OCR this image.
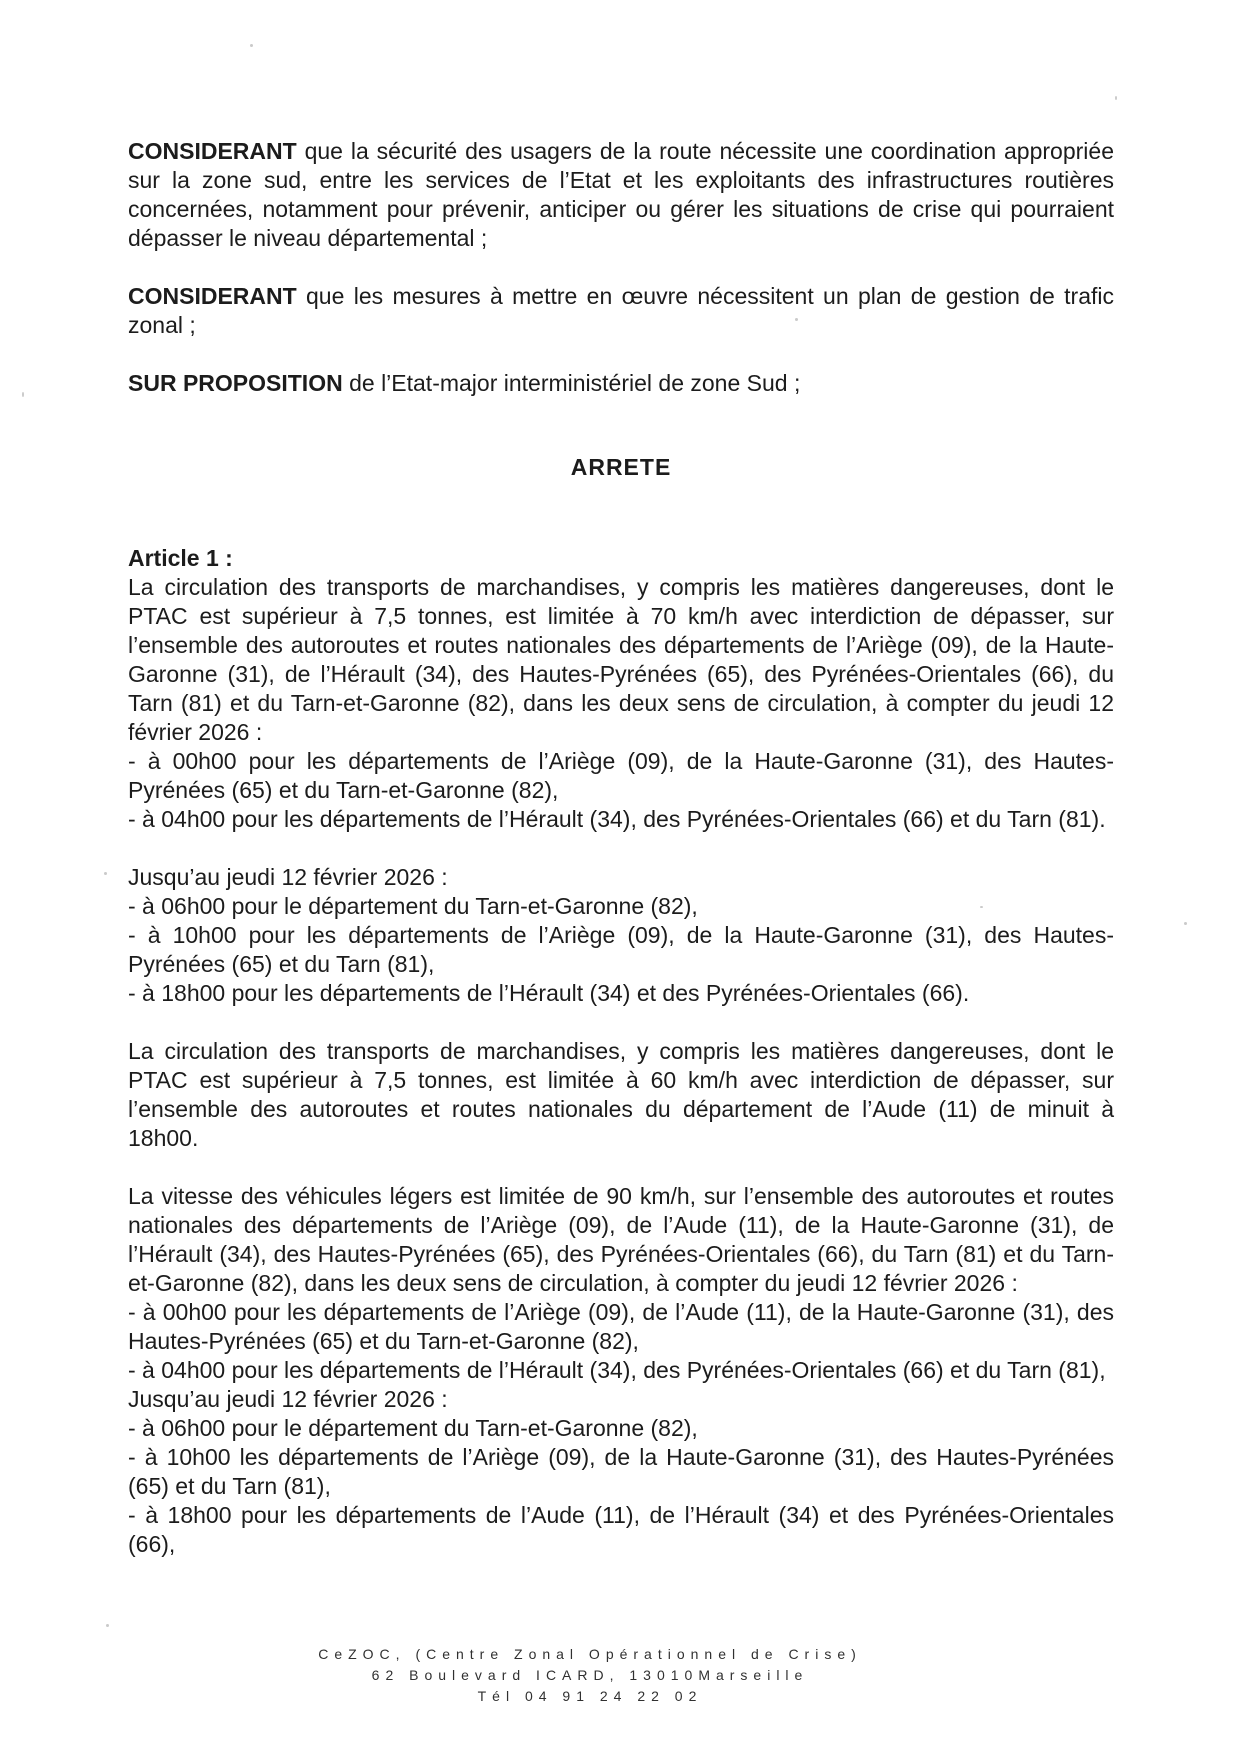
CONSIDERANT que la sécurité des usagers de la route nécessite une coordination appropriée sur la zone sud, entre les services de l’Etat et les exploitants des infrastructures routières concernées, notamment pour prévenir, anticiper ou gérer les situations de crise qui pourraient dépasser le niveau départemental ;

CONSIDERANT que les mesures à mettre en œuvre nécessitent un plan de gestion de trafic zonal ;

SUR PROPOSITION de l’Etat-major interministériel de zone Sud ;

ARRETE
Article 1 :
La circulation des transports de marchandises, y compris les matières dangereuses, dont le PTAC est supérieur à 7,5 tonnes, est limitée à 70 km/h avec interdiction de dépasser, sur l’ensemble des autoroutes et routes nationales des départements de l’Ariège (09), de la Haute-Garonne (31), de l’Hérault (34), des Hautes-Pyrénées (65), des Pyrénées-Orientales (66), du Tarn (81) et du Tarn-et-Garonne (82), dans les deux sens de circulation, à compter du jeudi 12 février 2026 :
- à 00h00 pour les départements de l’Ariège (09), de la Haute-Garonne (31), des Hautes-Pyrénées (65) et du Tarn-et-Garonne (82),
- à 04h00 pour les départements de l’Hérault (34), des Pyrénées-Orientales (66) et du Tarn (81).
Jusqu’au jeudi 12 février 2026 :
- à 06h00 pour le département du Tarn-et-Garonne (82),
- à 10h00 pour les départements de l’Ariège (09), de la Haute-Garonne (31), des Hautes-Pyrénées (65) et du Tarn (81),
- à 18h00 pour les départements de l’Hérault (34) et des Pyrénées-Orientales (66).
La circulation des transports de marchandises, y compris les matières dangereuses, dont le PTAC est supérieur à 7,5 tonnes, est limitée à 60 km/h avec interdiction de dépasser, sur l’ensemble des autoroutes et routes nationales du département de l’Aude (11) de minuit à 18h00.
La vitesse des véhicules légers est limitée de 90 km/h, sur l’ensemble des autoroutes et routes nationales des départements de l’Ariège (09), de l’Aude (11), de la Haute-Garonne (31), de l’Hérault (34), des Hautes-Pyrénées (65), des Pyrénées-Orientales (66), du Tarn (81) et du Tarn-et-Garonne (82), dans les deux sens de circulation, à compter du jeudi 12 février 2026 :
- à 00h00 pour les départements de l’Ariège (09), de l’Aude (11), de la Haute-Garonne (31), des Hautes-Pyrénées (65) et du Tarn-et-Garonne (82),
- à 04h00 pour les départements de l’Hérault (34), des Pyrénées-Orientales (66) et du Tarn (81),
Jusqu’au jeudi 12 février 2026 :
- à 06h00 pour le département du Tarn-et-Garonne (82),
- à 10h00 les départements de l’Ariège (09), de la Haute-Garonne (31), des Hautes-Pyrénées (65) et du Tarn (81),
- à 18h00 pour les départements de l’Aude (11), de l’Hérault (34) et des Pyrénées-Orientales (66),
CeZOC, (Centre Zonal Opérationnel de Crise)
62 Boulevard ICARD, 13010Marseille
Tél 04 91 24 22 02
